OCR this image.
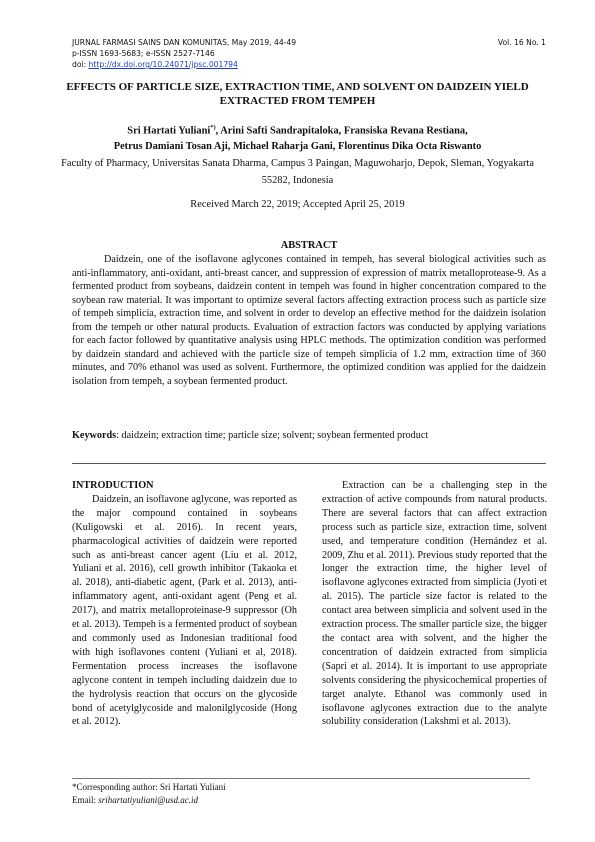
JURNAL FARMASI SAINS DAN KOMUNITAS, May 2019, 44-49	Vol. 16 No. 1
p-ISSN 1693-5683; e-ISSN 2527-7146
doi: http://dx.doi.org/10.24071/jpsc.001794
EFFECTS OF PARTICLE SIZE, EXTRACTION TIME, AND SOLVENT ON DAIDZEIN YIELD EXTRACTED FROM TEMPEH
Sri Hartati Yuliani*), Arini Safti Sandrapitaloka, Fransiska Revana Restiana,
Petrus Damiani Tosan Aji, Michael Raharja Gani, Florentinus Dika Octa Riswanto
Faculty of Pharmacy, Universitas Sanata Dharma, Campus 3 Paingan, Maguwoharjo, Depok, Sleman, Yogyakarta 55282, Indonesia
Received March 22, 2019; Accepted April 25, 2019
ABSTRACT

Daidzein, one of the isoflavone aglycones contained in tempeh, has several biological activities such as anti-inflammatory, anti-oxidant, anti-breast cancer, and suppression of expression of matrix metalloprotease-9. As a fermented product from soybeans, daidzein content in tempeh was found in higher concentration compared to the soybean raw material. It was important to optimize several factors affecting extraction process such as particle size of tempeh simplicia, extraction time, and solvent in order to develop an effective method for the daidzein isolation from the tempeh or other natural products. Evaluation of extraction factors was conducted by applying variations for each factor followed by quantitative analysis using HPLC methods. The optimization condition was performed by daidzein standard and achieved with the particle size of tempeh simplicia of 1.2 mm, extraction time of 360 minutes, and 70% ethanol was used as solvent. Furthermore, the optimized condition was applied for the daidzein isolation from tempeh, a soybean fermented product.

Keywords: daidzein; extraction time; particle size; solvent; soybean fermented product
INTRODUCTION

Daidzein, an isoflavone aglycone, was reported as the major compound contained in soybeans (Kuligowski et al. 2016). In recent years, pharmacological activities of daidzein were reported such as anti-breast cancer agent (Liu et al. 2012, Yuliani et al. 2016), cell growth inhibitor (Takaoka et al. 2018), anti-diabetic agent, (Park et al. 2013), anti-inflammatory agent, anti-oxidant agent (Peng et al. 2017), and matrix metalloproteinase-9 suppressor (Oh et al. 2013). Tempeh is a fermented product of soybean and commonly used as Indonesian traditional food with high isoflavones content (Yuliani et al, 2018). Fermentation process increases the isoflavone aglycone content in tempeh including daidzein due to the hydrolysis reaction that occurs on the glycoside bond of acetylglycoside and malonilglycoside (Hong et al. 2012).

Extraction can be a challenging step in the extraction of active compounds from natural products. There are several factors that can affect extraction process such as particle size, extraction time, solvent used, and temperature condition (Hernández et al. 2009, Zhu et al. 2011). Previous study reported that the longer the extraction time, the higher level of isoflavone aglycones extracted from simplicia (Jyoti et al. 2015). The particle size factor is related to the contact area between simplicia and solvent used in the extraction process. The smaller particle size, the bigger the contact area with solvent, and the higher the concentration of daidzein extracted from simplicia (Sapri et al. 2014). It is important to use appropriate solvents considering the physicochemical properties of target analyte. Ethanol was commonly used in isoflavone aglycones extraction due to the analyte solubility consideration (Lakshmi et al. 2013).

*Corresponding author: Sri Hartati Yuliani
Email: srihartatiyuliani@usd.ac.id
